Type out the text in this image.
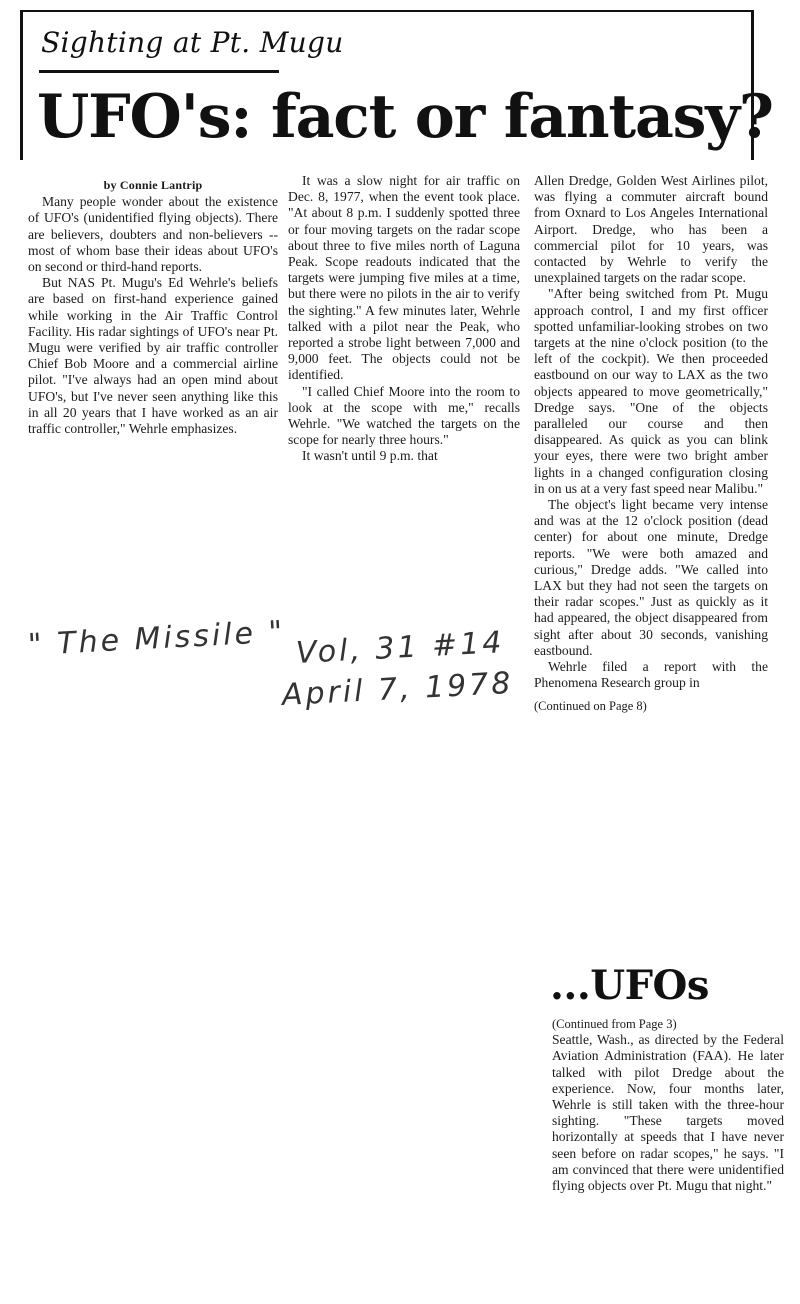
Sighting at Pt. Mugu
UFO's: fact or fantasy?
by Connie Lantrip

Many people wonder about the existence of UFO's (unidentified flying objects). There are believers, doubters and non-believers -- most of whom base their ideas about UFO's on second or third-hand reports.

But NAS Pt. Mugu's Ed Wehrle's beliefs are based on first-hand experience gained while working in the Air Traffic Control Facility. His radar sightings of UFO's near Pt. Mugu were verified by air traffic controller Chief Bob Moore and a commercial airline pilot. "I've always had an open mind about UFO's, but I've never seen anything like this in all 20 years that I have worked as an air traffic controller," Wehrle emphasizes.

It was a slow night for air traffic on Dec. 8, 1977, when the event took place. "At about 8 p.m. I suddenly spotted three or four moving targets on the radar scope about three to five miles north of Laguna Peak. Scope readouts indicated that the targets were jumping five miles at a time, but there were no pilots in the air to verify the sighting." A few minutes later, Wehrle talked with a pilot near the Peak, who reported a strobe light between 7,000 and 9,000 feet. The objects could not be identified.

"I called Chief Moore into the room to look at the scope with me," recalls Wehrle. "We watched the targets on the scope for nearly three hours."

It wasn't until 9 p.m. that

Allen Dredge, Golden West Airlines pilot, was flying a commuter aircraft bound from Oxnard to Los Angeles International Airport. Dredge, who has been a commercial pilot for 10 years, was contacted by Wehrle to verify the unexplained targets on the radar scope.

"After being switched from Pt. Mugu approach control, I and my first officer spotted unfamiliar-looking strobes on two targets at the nine o'clock position (to the left of the cockpit). We then proceeded eastbound on our way to LAX as the two objects appeared to move geometrically," Dredge says. "One of the objects paralleled our course and then disappeared. As quick as you can blink your eyes, there were two bright amber lights in a changed configuration closing in on us at a very fast speed near Malibu."

The object's light became very intense and was at the 12 o'clock position (dead center) for about one minute, Dredge reports. "We were both amazed and curious," Dredge adds. "We called into LAX but they had not seen the targets on their radar scopes." Just as quickly as it had appeared, the object disappeared from sight after about 30 seconds, vanishing eastbound.

Wehrle filed a report with the Phenomena Research group in

(Continued on Page 8)

...UFOs

(Continued from Page 3)

Seattle, Wash., as directed by the Federal Aviation Administration (FAA). He later talked with pilot Dredge about the experience. Now, four months later, Wehrle is still taken with the three-hour sighting. "These targets moved horizontally at speeds that I have never seen before on radar scopes," he says. "I am convinced that there were unidentified flying objects over Pt. Mugu that night."

" The Missile " Vol, 31 #14
April 7, 1978
